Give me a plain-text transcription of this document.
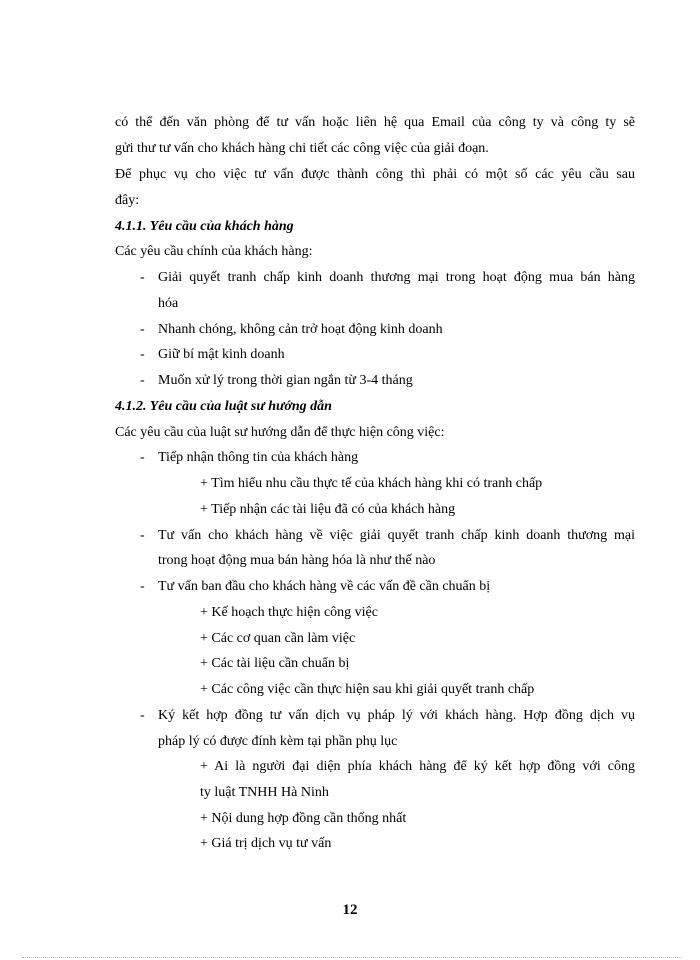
có thể đến văn phòng để tư vấn hoặc liên hệ qua Email của công ty và công ty sẽ
gửi thư tư vấn cho khách hàng chi tiết các công việc của giải đoạn.
Để phục vụ cho việc tư vấn được thành công thì phải có một số các yêu cầu sau
đây:
4.1.1. Yêu cầu của khách hàng
Các yêu cầu chính của khách hàng:
- Giải quyết tranh chấp kinh doanh thương mại trong hoạt động mua bán hàng
hóa
- Nhanh chóng, không cản trở hoạt động kinh doanh
- Giữ bí mật kinh doanh
- Muốn xử lý trong thời gian ngắn từ 3-4 tháng
4.1.2. Yêu cầu của luật sư hướng dẫn
Các yêu cầu của luật sư hướng dẫn để thực hiện công việc:
- Tiếp nhận thông tin của khách hàng
+ Tìm hiểu nhu cầu thực tế của khách hàng khi có tranh chấp
+ Tiếp nhận các tài liệu đã có của khách hàng
- Tư vấn cho khách hàng về việc giải quyết tranh chấp kinh doanh thương mại
trong hoạt động mua bán hàng hóa là như thế nào
- Tư vấn ban đầu cho khách hàng về các vấn đề cần chuẩn bị
+ Kế hoạch thực hiện công việc
+ Các cơ quan cần làm việc
+ Các tài liệu cần chuẩn bị
+ Các công việc cần thực hiện sau khi giải quyết tranh chấp
- Ký kết hợp đồng tư vấn dịch vụ pháp lý với khách hàng. Hợp đồng dịch vụ
pháp lý có được đính kèm tại phần phụ lục
+ Ai là người đại diện phía khách hàng để ký kết hợp đồng với công
ty luật TNHH Hà Ninh
+ Nội dung hợp đồng cần thống nhất
+ Giá trị dịch vụ tư vấn
12
